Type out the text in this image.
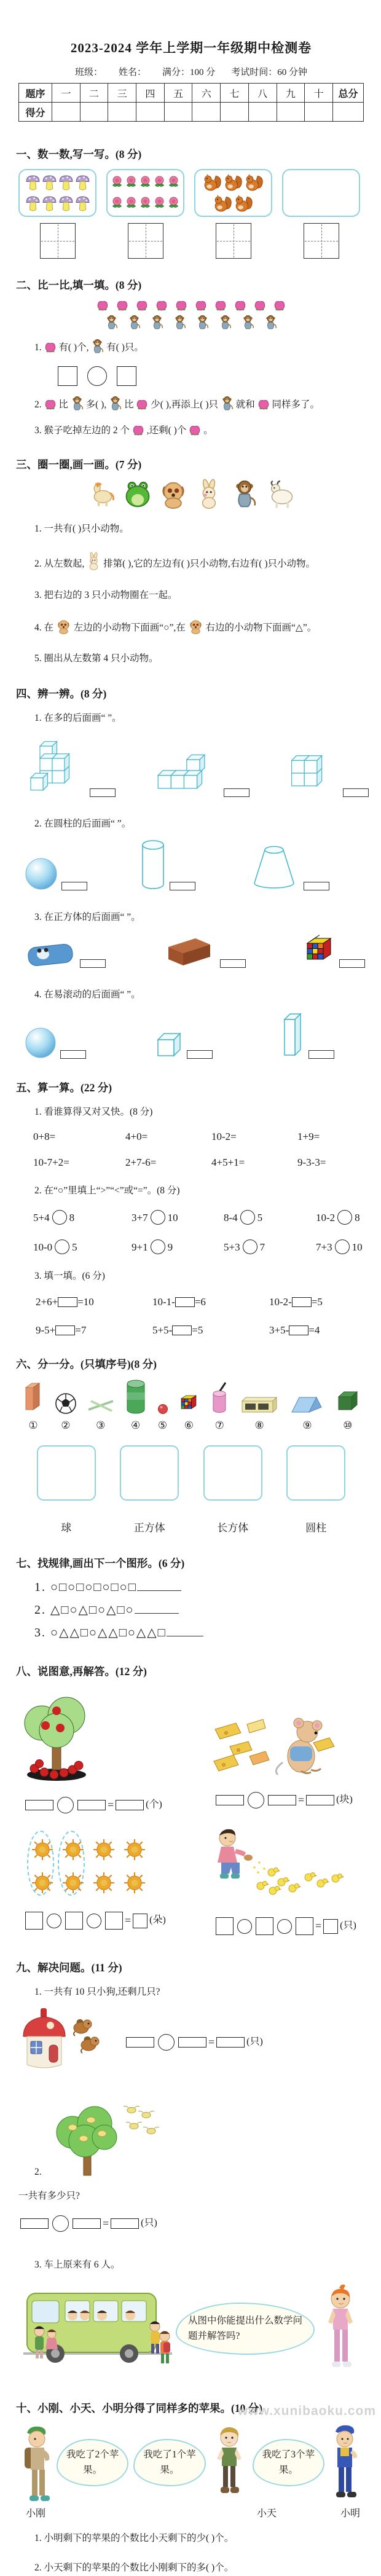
2023-2024 学年上学期一年级期中检测卷
班级： 姓名： 满分：100 分 考试时间：60 分钟
题序	一	二	三	四	五	六	七	八	九	十	总分
得分											
一、数一数,写一写。(8 分)
二、比一比,填一填。(8 分)
1. 有( )个, 有( )只。
2. 比 多( ), 比 少( ),再添上( )只 就和 同样多了。
3. 猴子吃掉左边的 2 个 ,还剩( )个 。
三、圈一圈,画一画。(7 分)
1. 一共有( )只小动物。
2. 从左数起, 排第( ),它的左边有( )只小动物,右边有( )只小动物。
3. 把右边的 3 只小动物圈在一起。
4. 在 左边的小动物下面画“○”,在 右边的小动物下面画“△”。
5. 圈出从左数第 4 只小动物。
四、辨一辨。(8 分)
1. 在多的后面画“ ”。
2. 在圆柱的后面画“ ”。
3. 在正方体的后面画“ ”。
4. 在易滚动的后面画“ ”。
五、算一算。(22 分)
1. 看谁算得又对又快。(8 分)
0+8=	4+0=	10-2=	1+9=
10-7+2=	2+7-6=	4+5+1=	9-3-3=
2. 在“○”里填上“>”“<”或“=”。(8 分)
5+4 8	3+7 10	8-4 5	10-2 8
10-0 5	9+1 9	5+3 7	7+3 10
3. 填一填。(6 分)
2+6+ =10	10-1- =6	10-2- =5
9-5+ =7	5+5- =5	3+5- =4
六、分一分。(只填序号)(8 分)
① ② ③ ④ ⑤ ⑥ ⑦	⑧	⑨	⑩
球	正方体	长方体	圆柱
七、找规律,画出下一个图形。(6 分)
1. ○□○□○□○□○□
2. △□○△□○△□○
3. ○△△□○△△□○△△□
八、说图意,再解答。(12 分)
=	(个)	=	(块)
= (朵)	= (只)
九、解决问题。(11 分)
1. 一共有 10 只小狗,还剩几只?
=	(只)
2.
一共有多少只?
=	(只)
3. 车上原来有 6 人。
从图中你能提出什么数学问题并解答吗?
十、小刚、小天、小明分得了同样多的苹果。(10 分)
我吃了2个苹果。
我吃了1个苹果。
我吃了3个苹果。
小刚	小天	小明
1. 小明剩下的苹果的个数比小天剩下的少( )个。
2. 小天剩下的苹果的个数比小刚剩下的多( )个。
www.xunibaoku.com
